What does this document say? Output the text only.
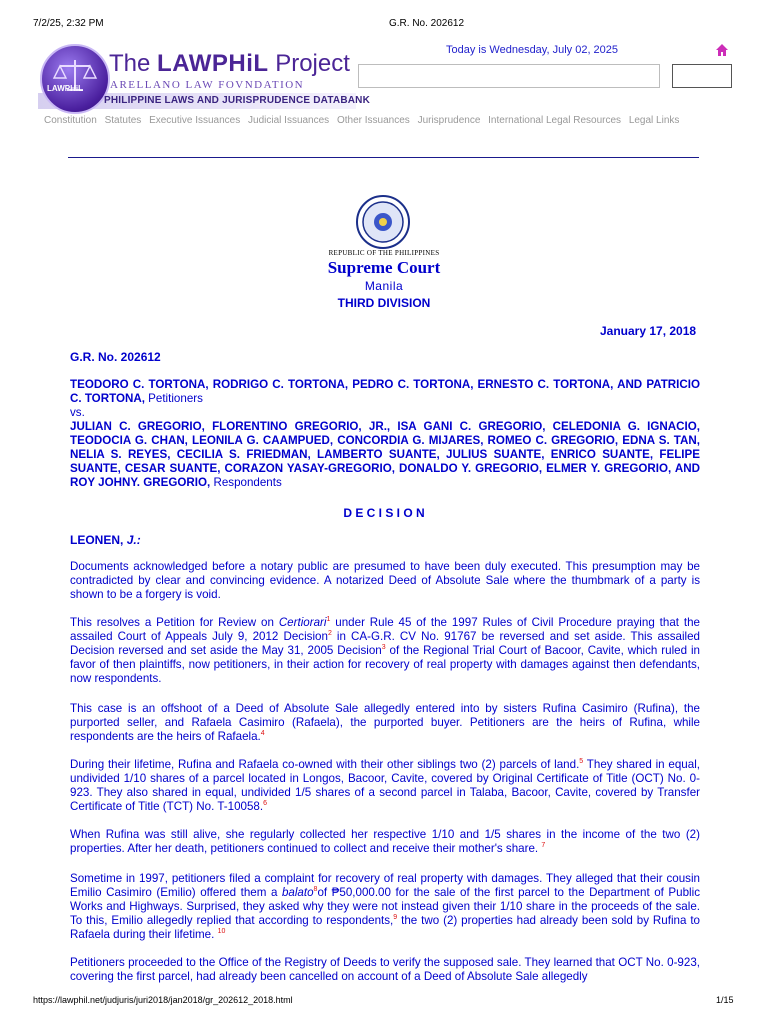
7/2/25, 2:32 PM	G.R. No. 202612
LAWPHiL
The LAWPHiL Project
ARELLANO LAW FOVNDATION
PHILIPPINE LAWS AND JURISPRUDENCE DATABANK
Today is Wednesday, July 02, 2025
Constitution Statutes Executive Issuances Judicial Issuances Other Issuances Jurisprudence International Legal Resources Legal Links
REPUBLIC OF THE PHILIPPINES
Supreme Court
Manila
THIRD DIVISION
January 17, 2018
G.R. No. 202612
TEODORO C. TORTONA, RODRIGO C. TORTONA, PEDRO C. TORTONA, ERNESTO C. TORTONA, AND PATRICIO C. TORTONA, Petitioners
vs.
JULIAN C. GREGORIO, FLORENTINO GREGORIO, JR., ISA GANI C. GREGORIO, CELEDONIA G. IGNACIO, TEODOCIA G. CHAN, LEONILA G. CAAMPUED, CONCORDIA G. MIJARES, ROMEO C. GREGORIO, EDNA S. TAN, NELIA S. REYES, CECILIA S. FRIEDMAN, LAMBERTO SUANTE, JULIUS SUANTE, ENRICO SUANTE, FELIPE SUANTE, CESAR SUANTE, CORAZON YASAY-GREGORIO, DONALDO Y. GREGORIO, ELMER Y. GREGORIO, AND ROY JOHNY. GREGORIO, Respondents
D E C I S I O N
LEONEN, J.:
Documents acknowledged before a notary public are presumed to have been duly executed. This presumption may be contradicted by clear and convincing evidence. A notarized Deed of Absolute Sale where the thumbmark of a party is shown to be a forgery is void.
This resolves a Petition for Review on Certiorari$^1$ under Rule 45 of the 1997 Rules of Civil Procedure praying that the assailed Court of Appeals July 9, 2012 Decision$^2$ in CA-G.R. CV No. 91767 be reversed and set aside. This assailed Decision reversed and set aside the May 31, 2005 Decision$^3$ of the Regional Trial Court of Bacoor, Cavite, which ruled in favor of then plaintiffs, now petitioners, in their action for recovery of real property with damages against then defendants, now respondents.
This case is an offshoot of a Deed of Absolute Sale allegedly entered into by sisters Rufina Casimiro (Rufina), the purported seller, and Rafaela Casimiro (Rafaela), the purported buyer. Petitioners are the heirs of Rufina, while respondents are the heirs of Rafaela.$^4$
During their lifetime, Rufina and Rafaela co-owned with their other siblings two (2) parcels of land.$^5$ They shared in equal, undivided 1/10 shares of a parcel located in Longos, Bacoor, Cavite, covered by Original Certificate of Title (OCT) No. 0-923. They also shared in equal, undivided 1/5 shares of a second parcel in Talaba, Bacoor, Cavite, covered by Transfer Certificate of Title (TCT) No. T-10058.$^6$
When Rufina was still alive, she regularly collected her respective 1/10 and 1/5 shares in the income of the two (2) properties. After her death, petitioners continued to collect and receive their mother's share. $^7$
Sometime in 1997, petitioners filed a complaint for recovery of real property with damages. They alleged that their cousin Emilio Casimiro (Emilio) offered them a balato$^8$of ₱50,000.00 for the sale of the first parcel to the Department of Public Works and Highways. Surprised, they asked why they were not instead given their 1/10 share in the proceeds of the sale. To this, Emilio allegedly replied that according to respondents,$^9$ the two (2) properties had already been sold by Rufina to Rafaela during their lifetime. $^{10}$
Petitioners proceeded to the Office of the Registry of Deeds to verify the supposed sale. They learned that OCT No. 0-923, covering the first parcel, had already been cancelled on account of a Deed of Absolute Sale allegedly
https://lawphil.net/judjuris/juri2018/jan2018/gr_202612_2018.html	1/15
